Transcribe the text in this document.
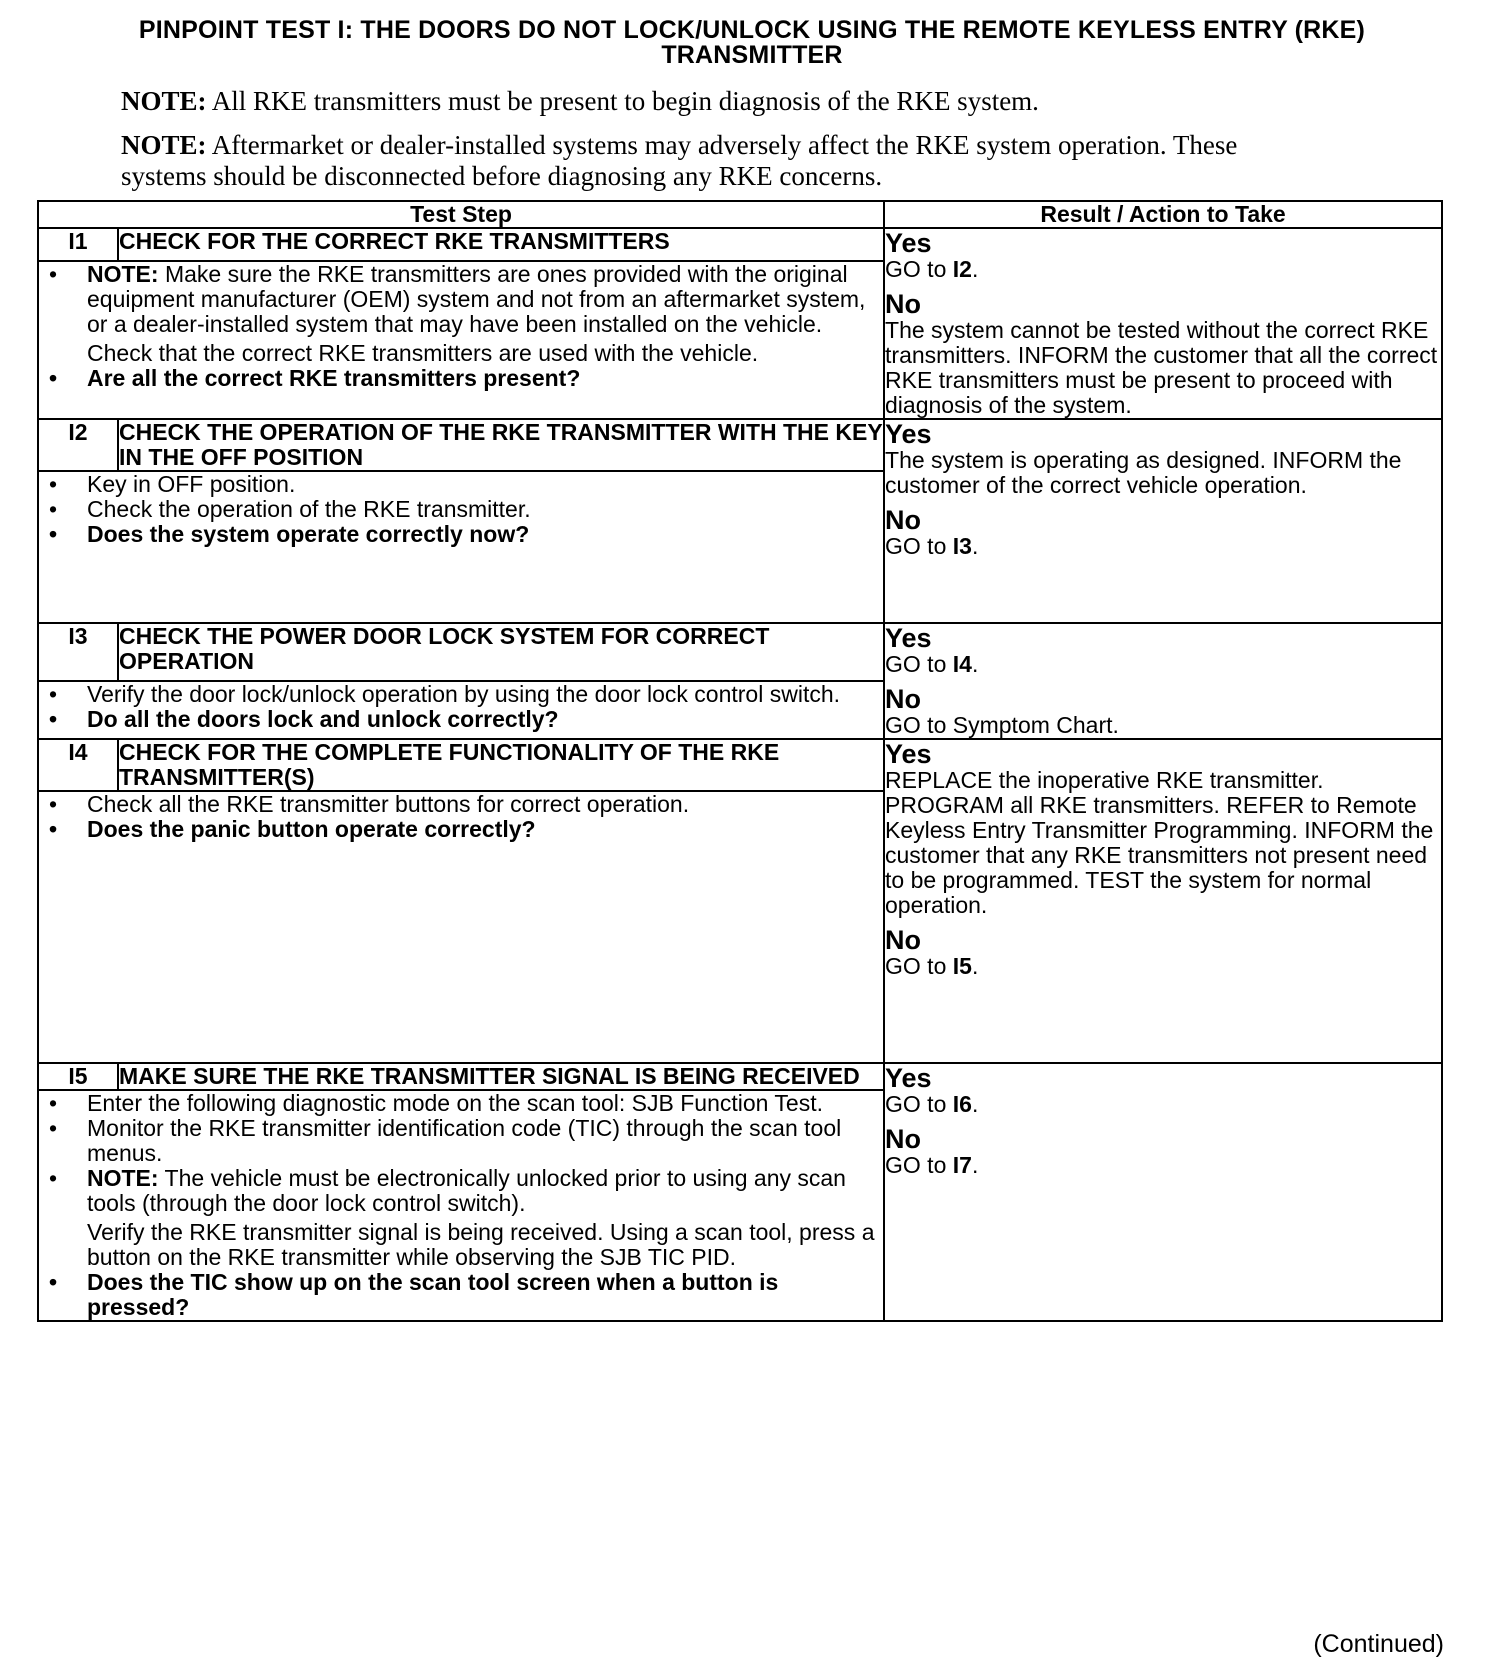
PINPOINT TEST I: THE DOORS DO NOT LOCK/UNLOCK USING THE REMOTE KEYLESS ENTRY (RKE)
TRANSMITTER
NOTE: All RKE transmitters must be present to begin diagnosis of the RKE system.
NOTE: Aftermarket or dealer-installed systems may adversely affect the RKE system operation. These systems should be disconnected before diagnosing any RKE concerns.
Test Step		Result / Action to Take
I1	CHECK FOR THE CORRECT RKE TRANSMITTERS	Yes
GO to I2.
No
The system cannot be tested without the correct RKE transmitters. INFORM the customer that all the correct RKE transmitters must be present to proceed with diagnosis of the system.

• NOTE: Make sure the RKE transmitters are ones provided with the original equipment manufacturer (OEM) system and not from an aftermarket system, or a dealer-installed system that may have been installed on the vehicle.
Check that the correct RKE transmitters are used with the vehicle.
• Are all the correct RKE transmitters present?

I2	CHECK THE OPERATION OF THE RKE TRANSMITTER WITH THE KEY IN THE OFF POSITION	Yes
The system is operating as designed. INFORM the customer of the correct vehicle operation.
No
GO to I3.

• Key in OFF position.
• Check the operation of the RKE transmitter.
• Does the system operate correctly now?

I3	CHECK THE POWER DOOR LOCK SYSTEM FOR CORRECT OPERATION	Yes
GO to I4.
No
GO to Symptom Chart.

• Verify the door lock/unlock operation by using the door lock control switch.
• Do all the doors lock and unlock correctly?

I4	CHECK FOR THE COMPLETE FUNCTIONALITY OF THE RKE TRANSMITTER(S)	Yes
REPLACE the inoperative RKE transmitter. PROGRAM all RKE transmitters. REFER to Remote Keyless Entry Transmitter Programming. INFORM the customer that any RKE transmitters not present need to be programmed. TEST the system for normal operation.
No
GO to I5.

• Check all the RKE transmitter buttons for correct operation.
• Does the panic button operate correctly?

I5	MAKE SURE THE RKE TRANSMITTER SIGNAL IS BEING RECEIVED	Yes
GO to I6.
No
GO to I7.

• Enter the following diagnostic mode on the scan tool: SJB Function Test.
• Monitor the RKE transmitter identification code (TIC) through the scan tool menus.
• NOTE: The vehicle must be electronically unlocked prior to using any scan tools (through the door lock control switch).
Verify the RKE transmitter signal is being received. Using a scan tool, press a button on the RKE transmitter while observing the SJB TIC PID.
• Does the TIC show up on the scan tool screen when a button is pressed?
(Continued)
